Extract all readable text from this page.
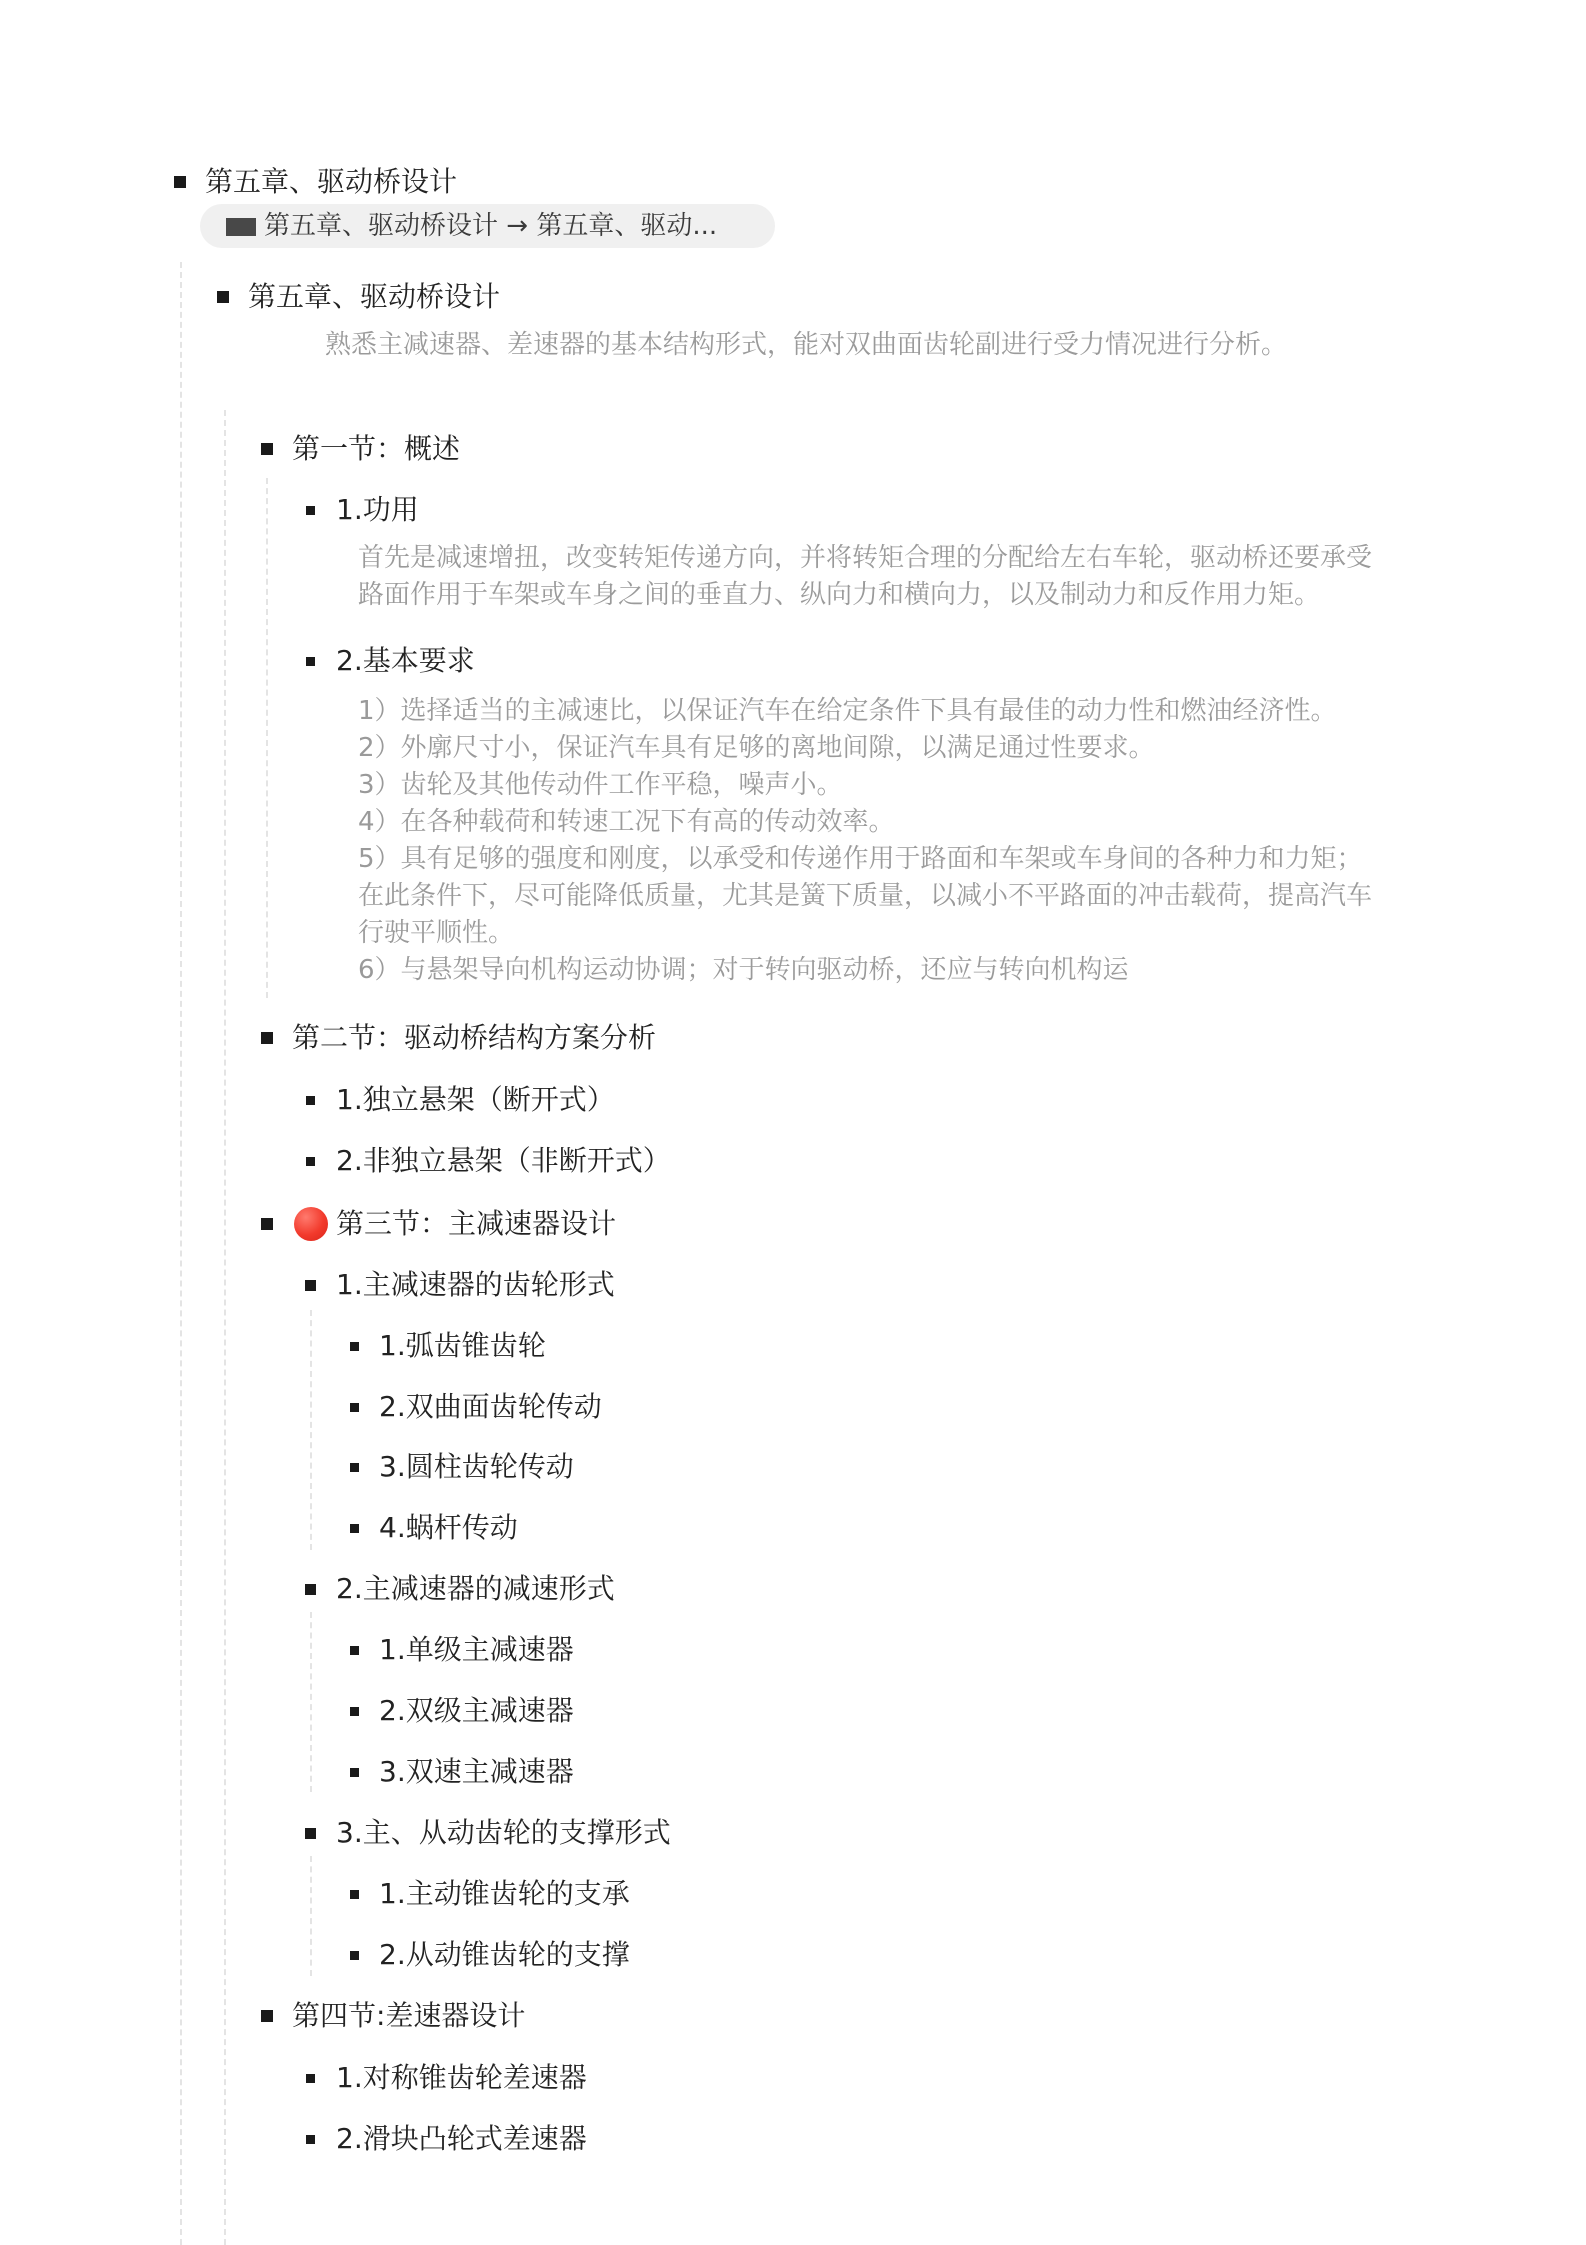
第五章、驱动桥设计
第五章、驱动桥设计 → 第五章、驱动...
第五章、驱动桥设计
熟悉主减速器、差速器的基本结构形式，能对双曲面齿轮副进行受力情况进行分析。
第一节：概述
1.功用
首先是减速增扭，改变转矩传递方向，并将转矩合理的分配给左右车轮，驱动桥还要承受
路面作用于车架或车身之间的垂直力、纵向力和横向力，以及制动力和反作用力矩。
2.基本要求
1）选择适当的主减速比，以保证汽车在给定条件下具有最佳的动力性和燃油经济性。
2）外廓尺寸小，保证汽车具有足够的离地间隙，以满足通过性要求。
3）齿轮及其他传动件工作平稳，噪声小。
4）在各种载荷和转速工况下有高的传动效率。
5）具有足够的强度和刚度，以承受和传递作用于路面和车架或车身间的各种力和力矩；
在此条件下，尽可能降低质量，尤其是簧下质量，以减小不平路面的冲击载荷，提高汽车
行驶平顺性。
6）与悬架导向机构运动协调；对于转向驱动桥，还应与转向机构运
第二节：驱动桥结构方案分析
1.独立悬架（断开式）
2.非独立悬架（非断开式）
第三节：主减速器设计
1.主减速器的齿轮形式
1.弧齿锥齿轮
2.双曲面齿轮传动
3.圆柱齿轮传动
4.蜗杆传动
2.主减速器的减速形式
1.单级主减速器
2.双级主减速器
3.双速主减速器
3.主、从动齿轮的支撑形式
1.主动锥齿轮的支承
2.从动锥齿轮的支撑
第四节:差速器设计
1.对称锥齿轮差速器
2.滑块凸轮式差速器
